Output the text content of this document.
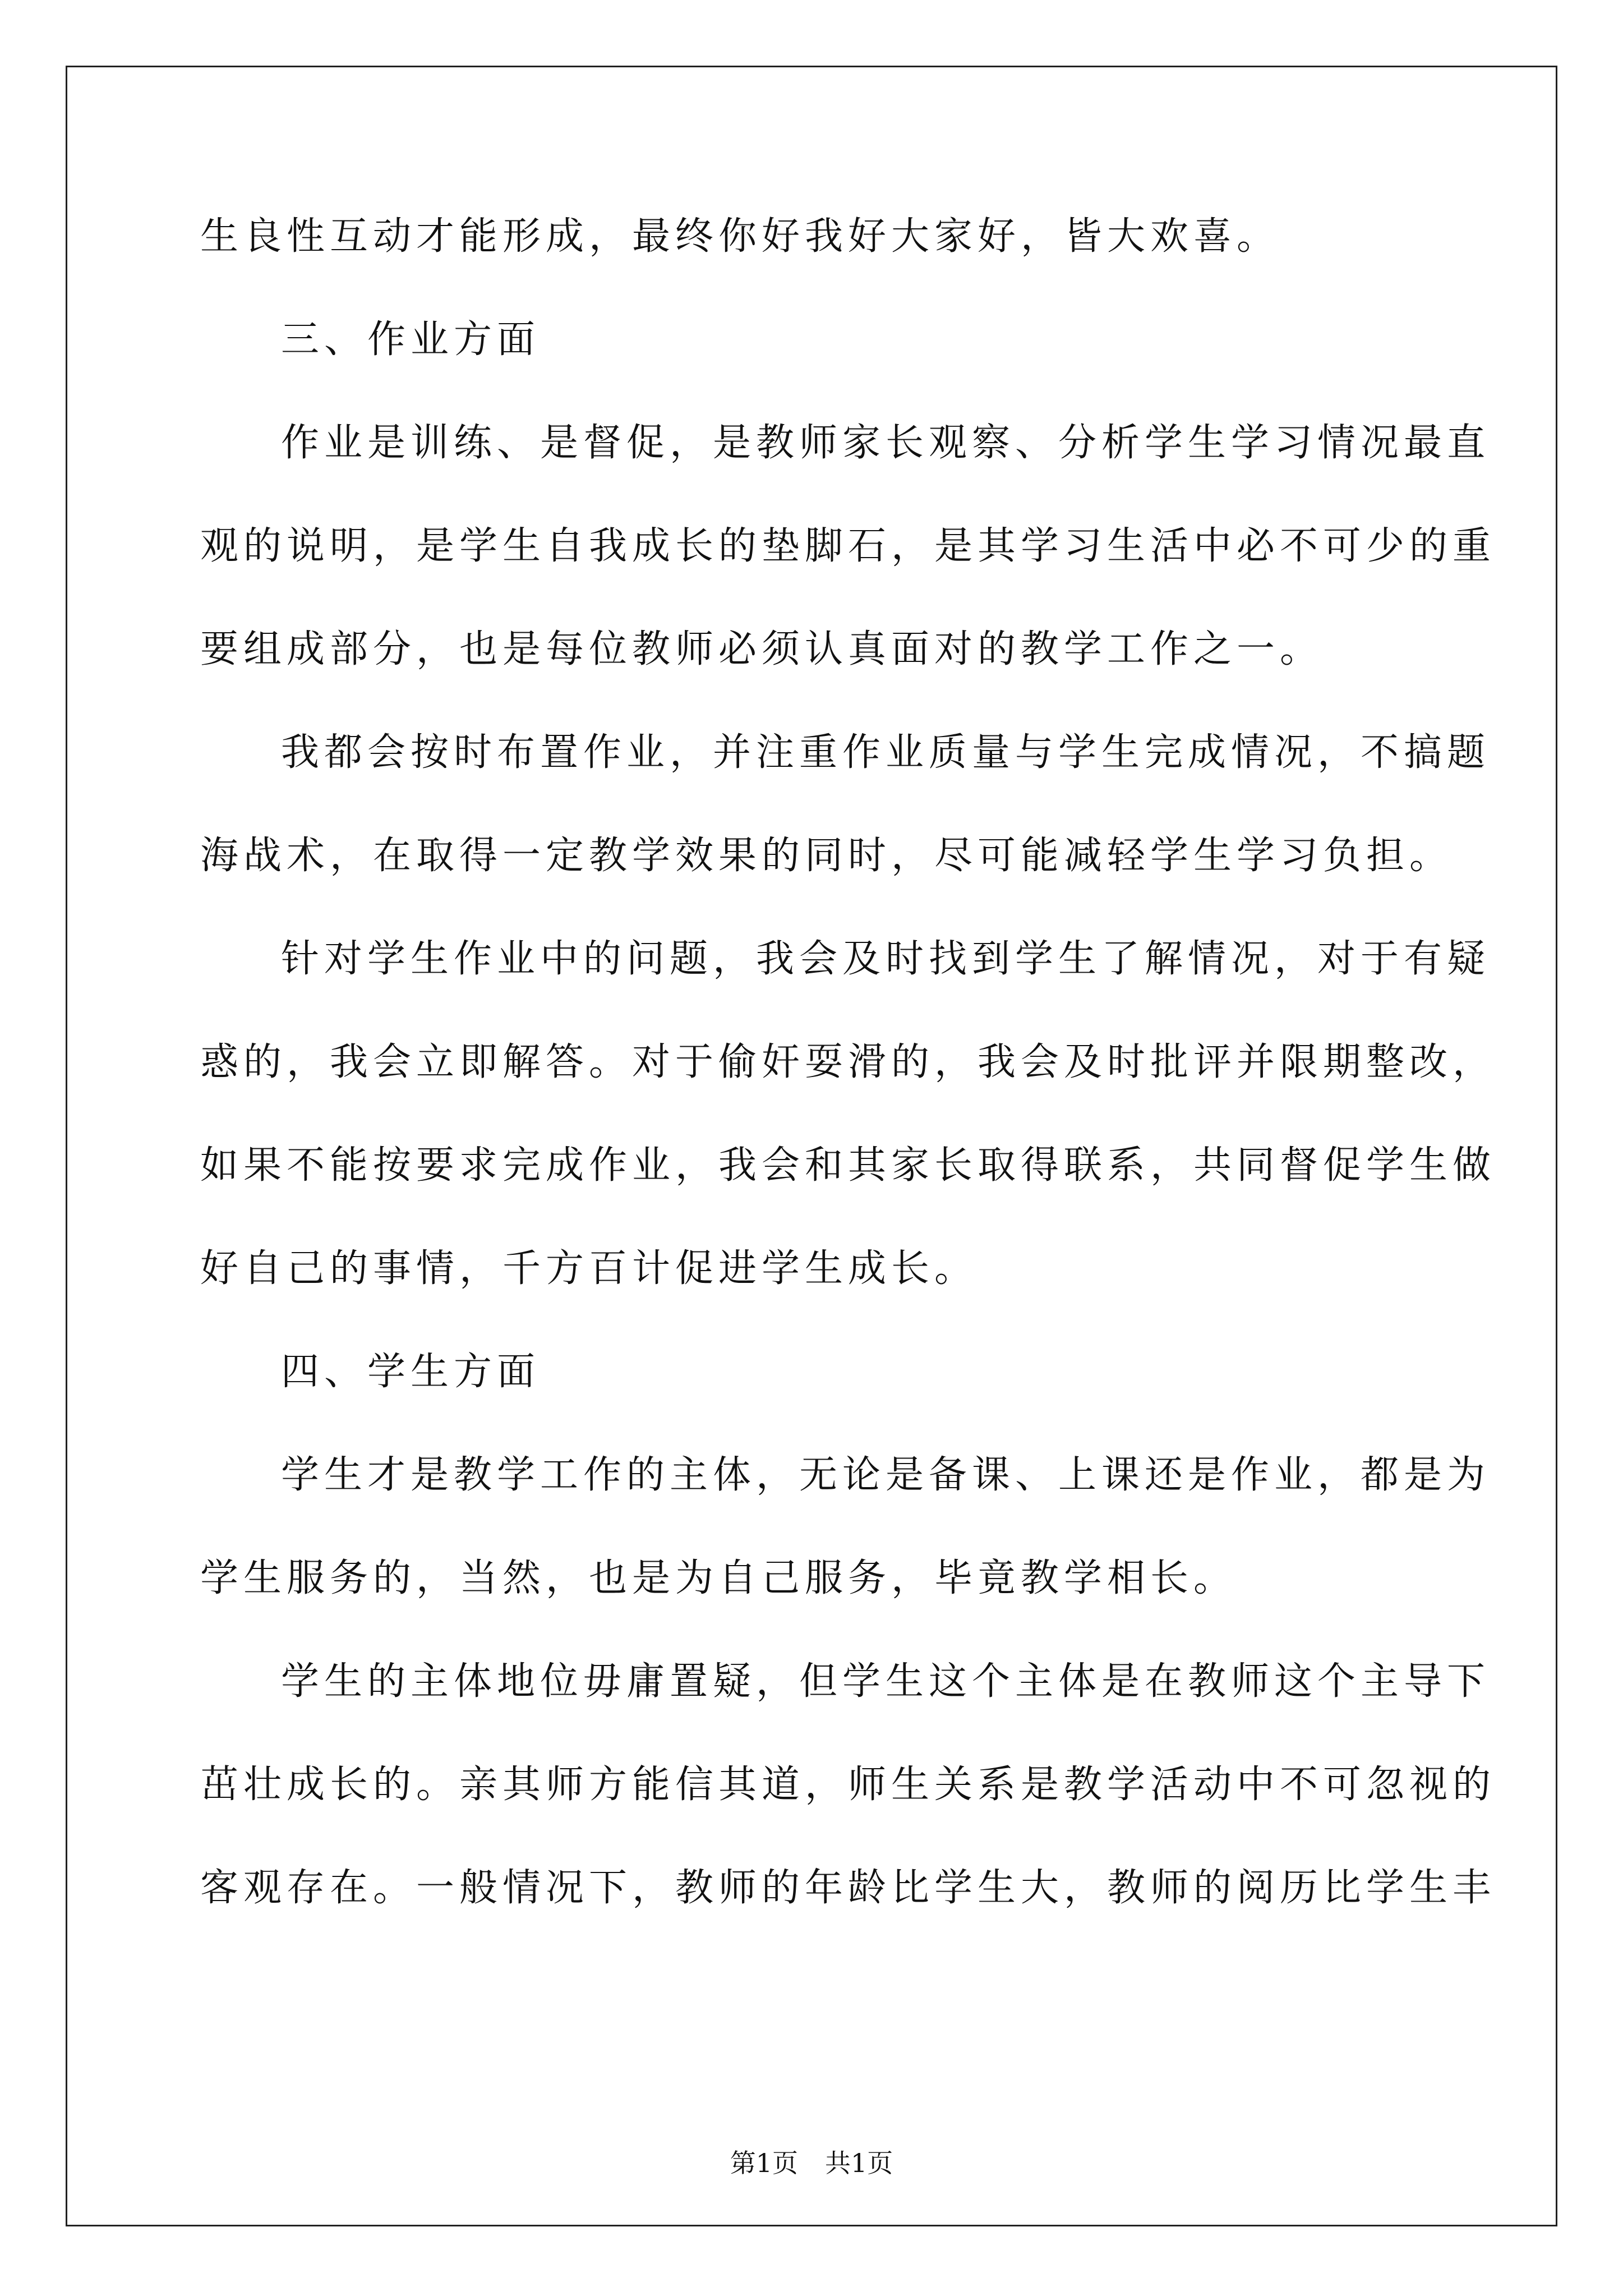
生良性互动才能形成，最终你好我好大家好，皆大欢喜。
三、作业方面
作业是训练、是督促，是教师家长观察、分析学生学习情况最直
观的说明，是学生自我成长的垫脚石，是其学习生活中必不可少的重
要组成部分，也是每位教师必须认真面对的教学工作之一。
我都会按时布置作业，并注重作业质量与学生完成情况，不搞题
海战术，在取得一定教学效果的同时，尽可能减轻学生学习负担。
针对学生作业中的问题，我会及时找到学生了解情况，对于有疑
惑的，我会立即解答。对于偷奸耍滑的，我会及时批评并限期整改，
如果不能按要求完成作业，我会和其家长取得联系，共同督促学生做
好自己的事情，千方百计促进学生成长。
四、学生方面
学生才是教学工作的主体，无论是备课、上课还是作业，都是为
学生服务的，当然，也是为自己服务，毕竟教学相长。
学生的主体地位毋庸置疑，但学生这个主体是在教师这个主导下
茁壮成长的。亲其师方能信其道，师生关系是教学活动中不可忽视的
客观存在。一般情况下，教师的年龄比学生大，教师的阅历比学生丰
第1页 共1页
